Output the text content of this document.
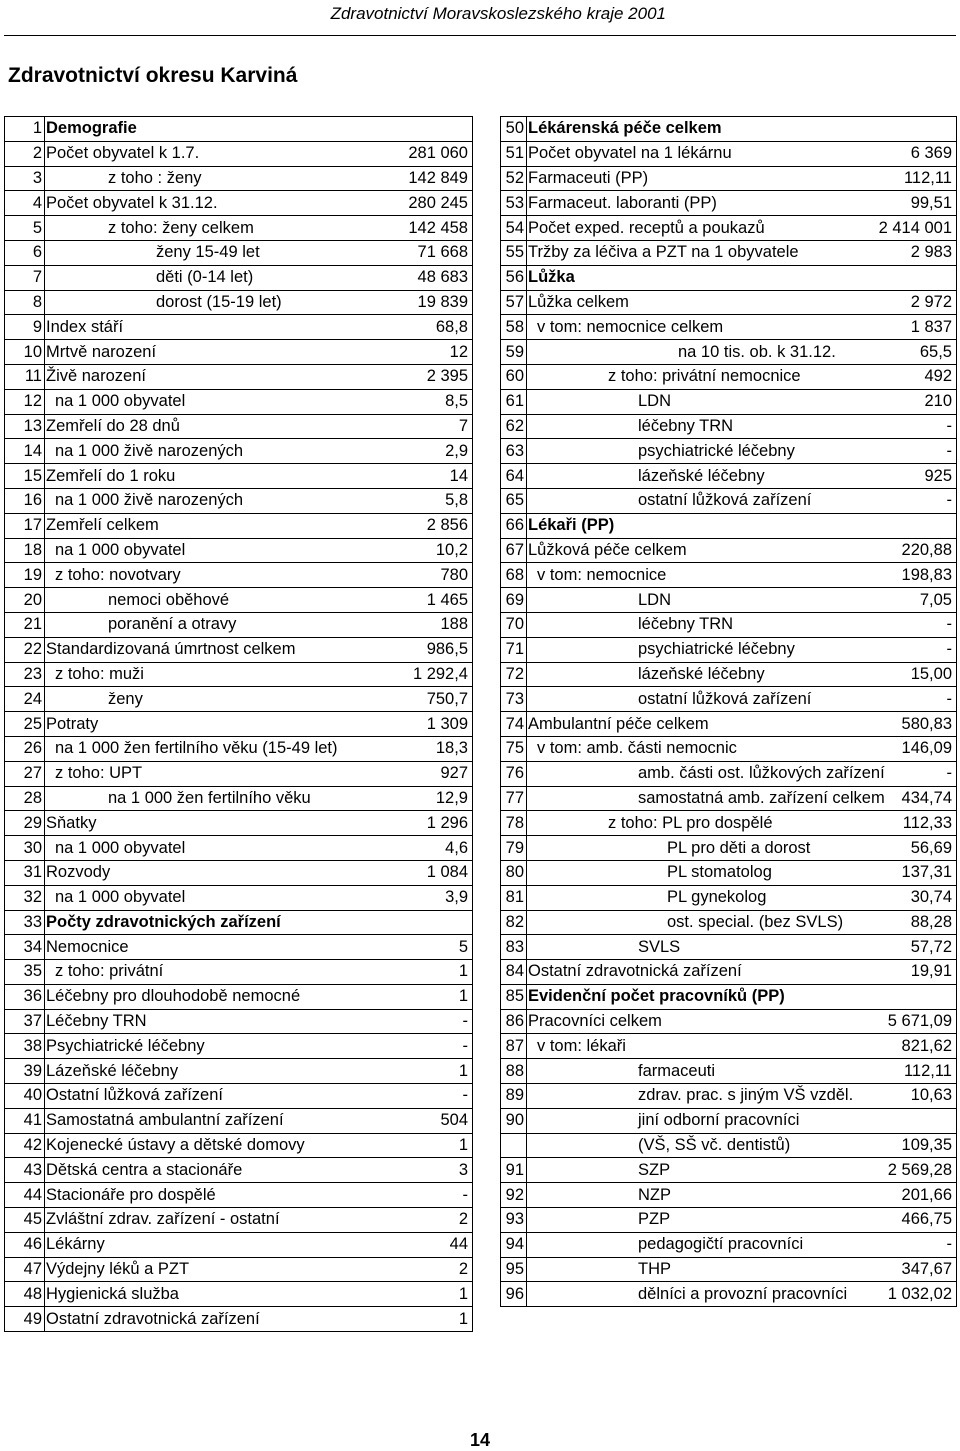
Zdravotnictví Moravskoslezského kraje 2001
Zdravotnictví okresu Karviná
1	Demografie	
2	Počet obyvatel k 1.7.	281 060
3	z toho : ženy	142 849
4	Počet obyvatel k 31.12.	280 245
5	z toho: ženy celkem	142 458
6	ženy 15-49 let	71 668
7	děti (0-14 let)	48 683
8	dorost (15-19 let)	19 839
9	Index stáří	68,8
10	Mrtvě narození	12
11	Živě narození	2 395
12	na 1 000 obyvatel	8,5
13	Zemřelí do 28 dnů	7
14	na 1 000 živě narozených	2,9
15	Zemřelí do 1 roku	14
16	na 1 000 živě narozených	5,8
17	Zemřelí celkem	2 856
18	na 1 000 obyvatel	10,2
19	z toho: novotvary	780
20	nemoci oběhové	1 465
21	poranění a otravy	188
22	Standardizovaná úmrtnost celkem	986,5
23	z toho: muži	1 292,4
24	ženy	750,7
25	Potraty	1 309
26	na 1 000 žen fertilního věku (15-49 let)	18,3
27	z toho: UPT	927
28	na 1 000 žen fertilního věku	12,9
29	Sňatky	1 296
30	na 1 000 obyvatel	4,6
31	Rozvody	1 084
32	na 1 000 obyvatel	3,9
33	Počty zdravotnických zařízení	
34	Nemocnice	5
35	z toho: privátní	1
36	Léčebny pro dlouhodobě nemocné	1
37	Léčebny TRN	-
38	Psychiatrické léčebny	-
39	Lázeňské léčebny	1
40	Ostatní lůžková zařízení	-
41	Samostatná ambulantní zařízení	504
42	Kojenecké ústavy a dětské domovy	1
43	Dětská centra a stacionáře	3
44	Stacionáře pro dospělé	-
45	Zvláštní zdrav. zařízení - ostatní	2
46	Lékárny	44
47	Výdejny léků a PZT	2
48	Hygienická služba	1
49	Ostatní zdravotnická zařízení	1
50	Lékárenská péče celkem	
51	Počet obyvatel na 1 lékárnu	6 369
52	Farmaceuti (PP)	112,11
53	Farmaceut. laboranti (PP)	99,51
54	Počet exped. receptů a poukazů	2 414 001
55	Tržby za léčiva a PZT na 1 obyvatele	2 983
56	Lůžka	
57	Lůžka celkem	2 972
58	v tom: nemocnice celkem	1 837
59	na 10 tis. ob. k 31.12.	65,5
60	z toho: privátní nemocnice	492
61	LDN	210
62	léčebny TRN	-
63	psychiatrické léčebny	-
64	lázeňské léčebny	925
65	ostatní lůžková zařízení	-
66	Lékaři (PP)	
67	Lůžková péče celkem	220,88
68	v tom: nemocnice	198,83
69	LDN	7,05
70	léčebny TRN	-
71	psychiatrické léčebny	-
72	lázeňské léčebny	15,00
73	ostatní lůžková zařízení	-
74	Ambulantní péče celkem	580,83
75	v tom: amb. části nemocnic	146,09
76	amb. části ost. lůžkových zařízení	-
77	samostatná amb. zařízení celkem	434,74
78	z toho: PL pro dospělé	112,33
79	PL pro děti a dorost	56,69
80	PL stomatolog	137,31
81	PL gynekolog	30,74
82	ost. special. (bez SVLS)	88,28
83	SVLS	57,72
84	Ostatní zdravotnická zařízení	19,91
85	Evidenční počet pracovníků (PP)	
86	Pracovníci celkem	5 671,09
87	v tom: lékaři	821,62
88	farmaceuti	112,11
89	zdrav. prac. s jiným VŠ vzděl.	10,63
90	jiní odborní pracovníci	
	(VŠ, SŠ vč. dentistů)	109,35
91	SZP	2 569,28
92	NZP	201,66
93	PZP	466,75
94	pedagogičtí pracovníci	-
95	THP	347,67
96	dělníci a provozní pracovníci	1 032,02
14
